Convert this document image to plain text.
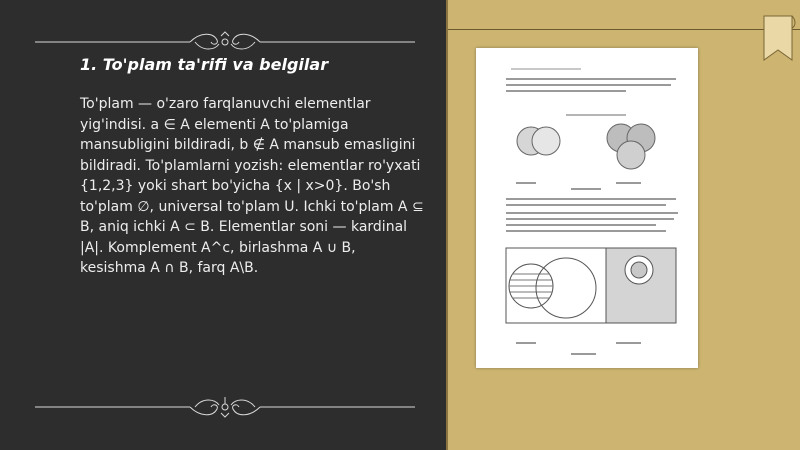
1. To'plam ta'rifi va belgilar

To'plam — o'zaro farqlanuvchi elementlar yig'indisi. a ∈ A elementi A to'plamiga mansubligini bildiradi, b ∉ A mansub emasligini bildiradi. To'plamlarni yozish: elementlar ro'yxati {1,2,3} yoki shart bo'yicha {x | x>0}. Bo'sh to'plam ∅, universal to'plam U. Ichki to'plam A ⊆ B, aniq ichki A ⊂ B. Elementlar soni — kardinal |A|. Komplement A^c, birlashma A ∪ B, kesishma A ∩ B, farq A\B.
